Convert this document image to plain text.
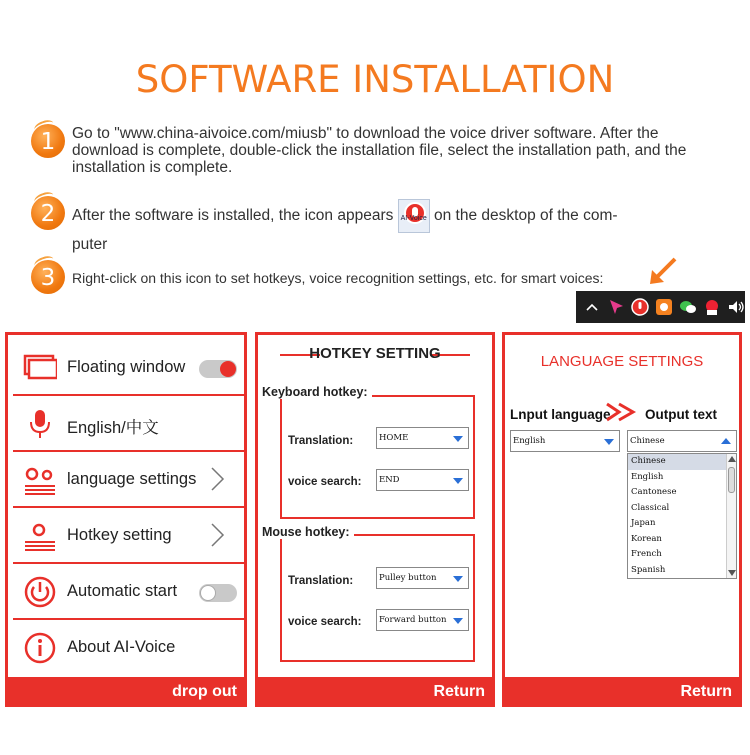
SOFTWARE INSTALLATION
1	Go to "www.china-aivoice.com/miusb" to download the voice driver software. After the download is complete, double-click the installation file, select the installation path, and the installation is complete.
2	After the software is installed, the icon appears AI-Voice on the desktop of the com-
puter
3	Right-click on this icon to set hotkeys, voice recognition settings, etc. for smart voices:
Floating window
English/中文
language settings
Hotkey setting
Automatic start
About AI-Voice
drop out
HOTKEY SETTING
Translation:	HOME
voice search:	END
Keyboard hotkey:
Translation:	Pulley button
voice search:	Forward button
Mouse hotkey:
Return
LANGUAGE SETTINGS
Lnput language	Output text
English	Chinese
Chinese
English
Cantonese
Classical
Japan
Korean
French
Spanish
Return
